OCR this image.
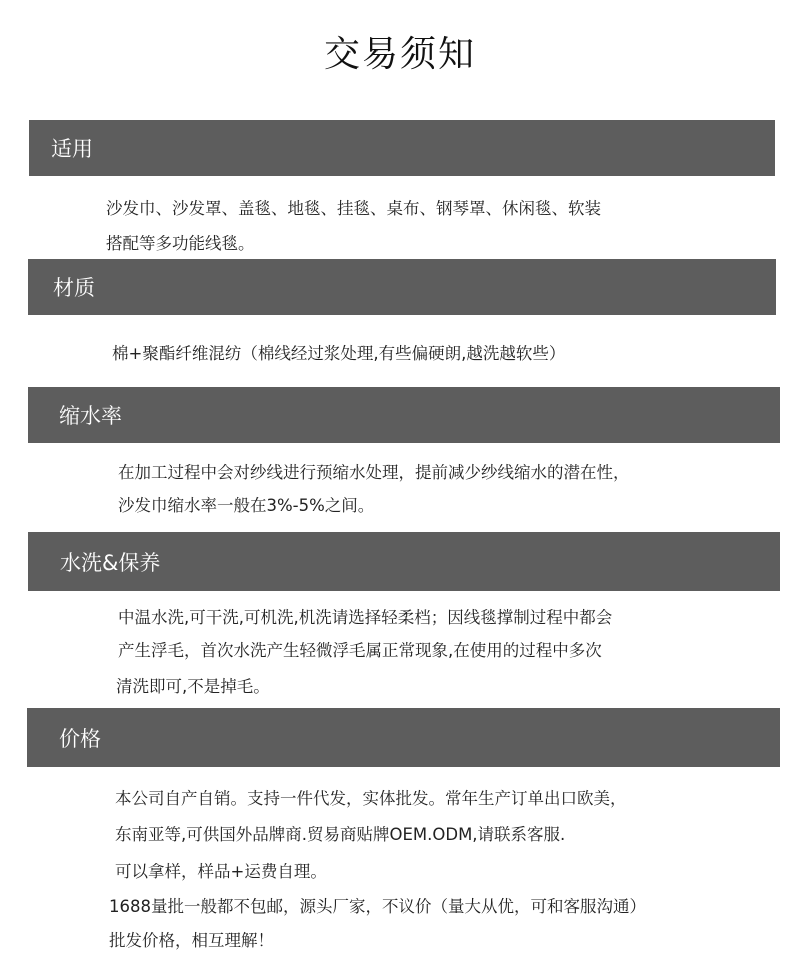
交易须知
适用
沙发巾、沙发罩、盖毯、地毯、挂毯、桌布、钢琴罩、休闲毯、软装
搭配等多功能线毯。
材质
棉+聚酯纤维混纺（棉线经过浆处理,有些偏硬朗,越洗越软些）
缩水率
在加工过程中会对纱线进行预缩水处理，提前减少纱线缩水的潜在性，
沙发巾缩水率一般在3%-5%之间。
水洗&保养
中温水洗,可干洗,可机洗,机洗请选择轻柔档；因线毯撑制过程中都会
产生浮毛，首次水洗产生轻微浮毛属正常现象,在使用的过程中多次
清洗即可,不是掉毛。
价格
本公司自产自销。支持一件代发，实体批发。常年生产订单出口欧美，
东南亚等,可供国外品牌商.贸易商贴牌OEM.ODM,请联系客服.
可以拿样，样品+运费自理。
1688量批一般都不包邮，源头厂家，不议价（量大从优，可和客服沟通）
批发价格，相互理解！
